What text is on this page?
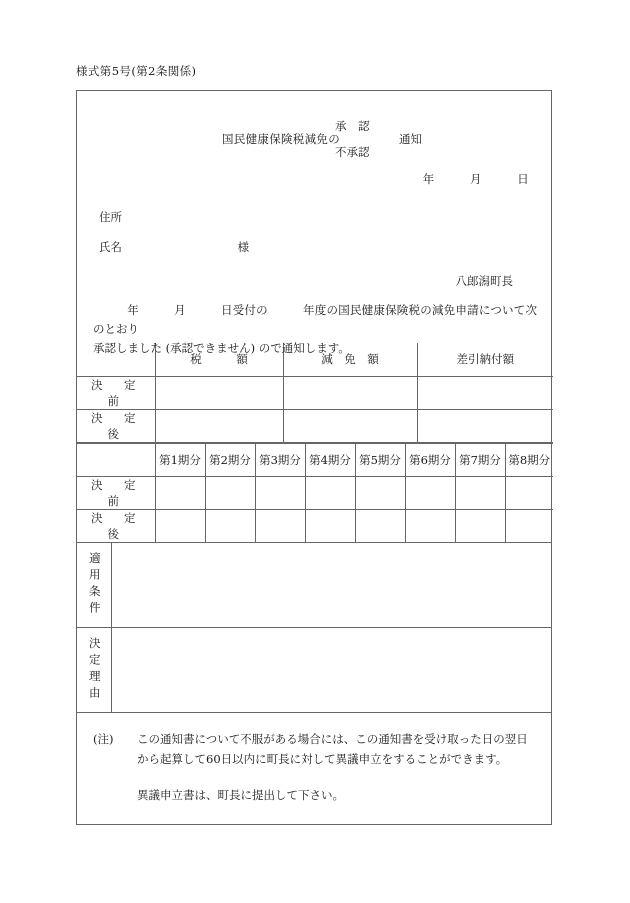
様式第5号(第2条関係)
国民健康保険税減免の
承　認
不承認
通知
年　　　月　　　日
住所
氏名	様
八郎潟町長
年　　　月　　　日受付の　　　年度の国民健康保険税の減免申請について次のとおり
承認しました (承認できません) ので通知します。
	税　　　額	減　免　額	差引納付額
決　定　前			
決　定　後			
	第1期分	第2期分	第3期分	第4期分	第5期分	第6期分	第7期分	第8期分
決　定　前								
決　定　後								
適用条件
決定理由
(注) この通知書について不服がある場合には、この通知書を受け取った日の翌日から起算して60日以内に町長に対して異議申立をすることができます。
異議申立書は、町長に提出して下さい。
